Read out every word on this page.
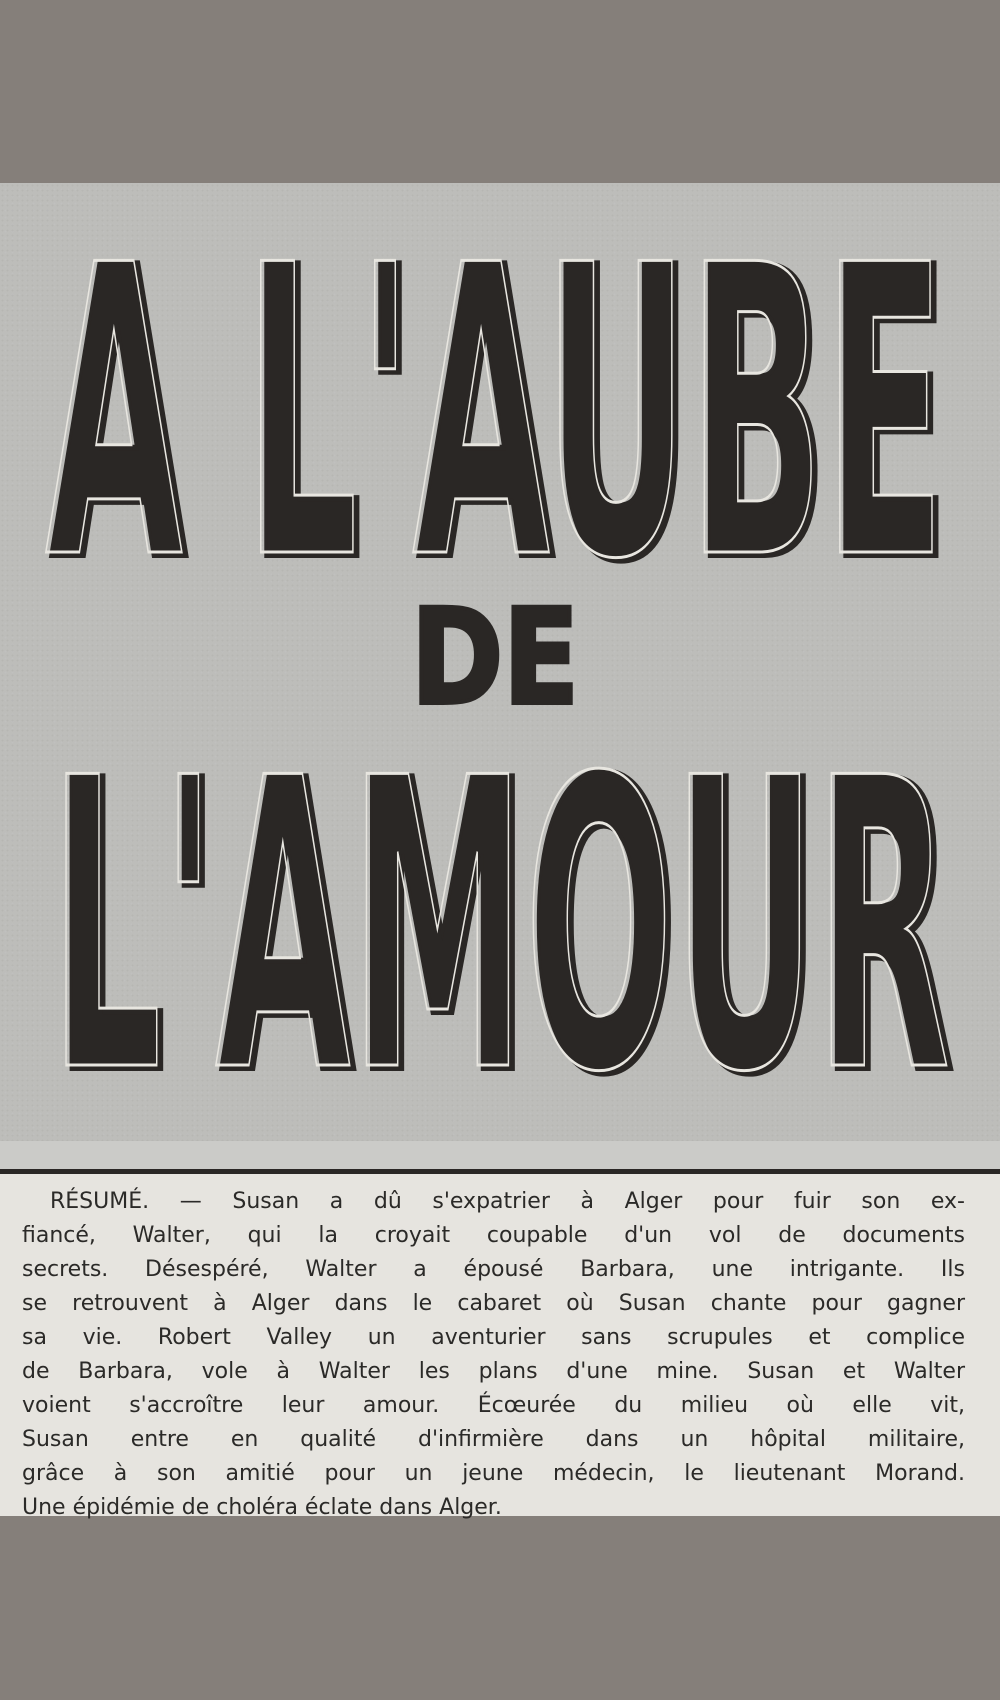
A L'AUBE
A L'AUBE
DE
L'AMOUR
L'AMOUR
RÉSUMÉ. — Susan a dû s'expatrier à Alger pour fuir son ex-
fiancé, Walter, qui la croyait coupable d'un vol de documents
secrets. Désespéré, Walter a épousé Barbara, une intrigante. Ils
se retrouvent à Alger dans le cabaret où Susan chante pour gagner
sa vie. Robert Valley un aventurier sans scrupules et complice
de Barbara, vole à Walter les plans d'une mine. Susan et Walter
voient s'accroître leur amour. Écœurée du milieu où elle vit,
Susan entre en qualité d'infirmière dans un hôpital militaire,
grâce à son amitié pour un jeune médecin, le lieutenant Morand.
Une épidémie de choléra éclate dans Alger.
